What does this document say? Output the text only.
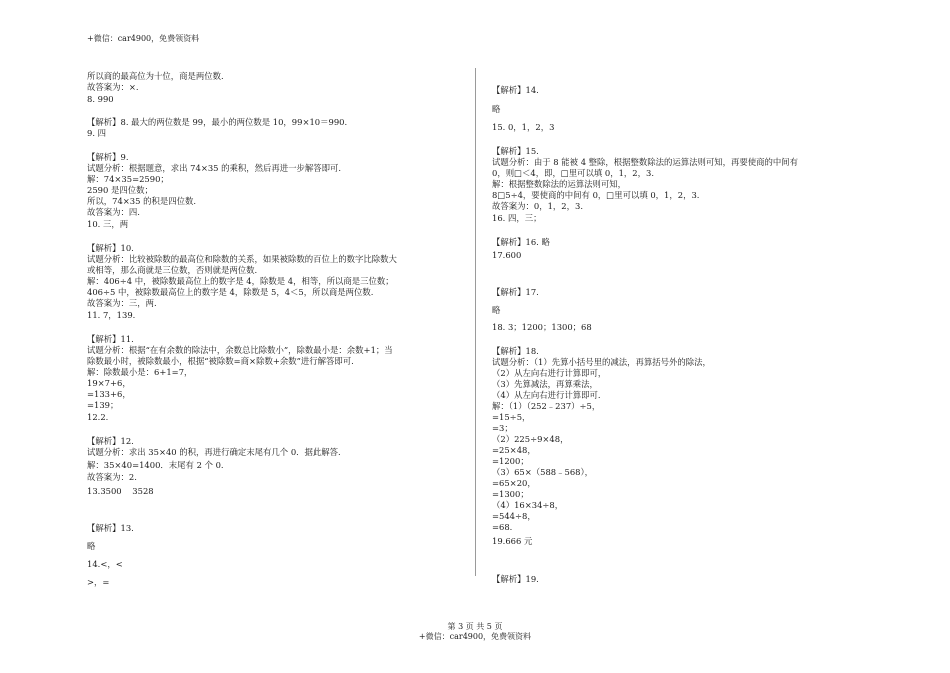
+微信：car4900，免费领资料
所以商的最高位为十位，商是两位数.
故答案为：×.
8. 990
【解析】8. 最大的两位数是 99，最小的两位数是 10，99×10＝990.
9. 四
【解析】9.
试题分析：根据题意，求出 74×35 的乘积，然后再进一步解答即可.
解：74×35=2590；
2590 是四位数；
所以，74×35 的积是四位数.
故答案为：四.
10. 三，两
【解析】10.
试题分析：比较被除数的最高位和除数的关系，如果被除数的百位上的数字比除数大
或相等，那么商就是三位数，否则就是两位数.
解：406÷4 中，被除数最高位上的数字是 4，除数是 4，相等，所以商是三位数；
406÷5 中，被除数最高位上的数字是 4，除数是 5，4＜5，所以商是两位数.
故答案为：三，两.
11. 7，139.
【解析】11.
试题分析：根据“在有余数的除法中，余数总比除数小”，除数最小是：余数+1；当
除数最小时，被除数最小，根据“被除数=商×除数+余数”进行解答即可.
解：除数最小是：6+1=7，
19×7+6，
=133+6，
=139；
12.2.
【解析】12.
试题分析：求出 35×40 的积，再进行确定末尾有几个 0．据此解答.
解：35×40=1400．末尾有 2 个 0.
故答案为：2.
13.3500    3528
【解析】13.
略
14.<，<
>，=
【解析】14.
略
15. 0，1，2，3
【解析】15.
试题分析：由于 8 能被 4 整除，根据整数除法的运算法则可知，再要使商的中间有
0，则□＜4，即，□里可以填 0，1，2，3.
解：根据整数除法的运算法则可知，
8□5÷4，要使商的中间有 0，□里可以填 0，1，2，3.
故答案为：0，1，2，3.
16. 四，三；
【解析】16. 略
17.600
【解析】17.
略
18. 3；1200；1300；68
【解析】18.
试题分析：（1）先算小括号里的减法，再算括号外的除法，
（2）从左向右进行计算即可，
（3）先算减法，再算乘法，
（4）从左向右进行计算即可.
解：（1）（252﹣237）÷5，
=15÷5，
=3；
（2）225÷9×48，
=25×48，
=1200；
（3）65×（588﹣568），
=65×20，
=1300；
（4）16×34÷8，
=544÷8，
=68.
19.666 元
【解析】19.
第 3 页 共 5 页
+微信：car4900，免费领资料
